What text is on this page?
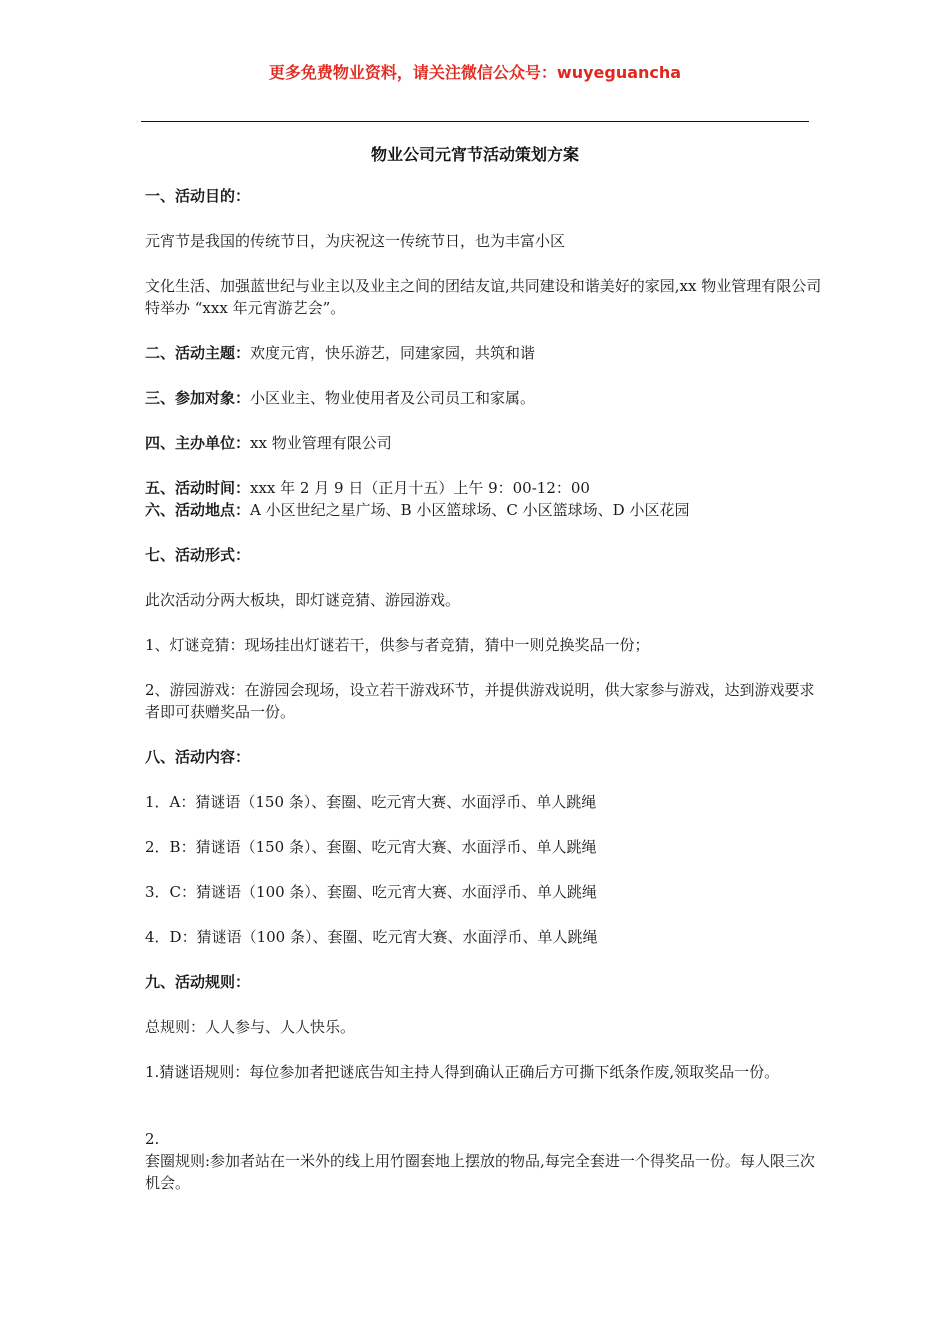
更多免费物业资料，请关注微信公众号：wuyeguancha
物业公司元宵节活动策划方案

一、活动目的：

元宵节是我国的传统节日，为庆祝这一传统节日，也为丰富小区

文化生活、加强蓝世纪与业主以及业主之间的团结友谊,共同建设和谐美好的家园,xx 物业管理有限公司特举办 “xxx 年元宵游艺会”。

二、活动主题：欢度元宵，快乐游艺，同建家园，共筑和谐

三、参加对象：小区业主、物业使用者及公司员工和家属。

四、主办单位：xx 物业管理有限公司

五、活动时间：xxx 年 2 月 9 日（正月十五）上午 9：00-12：00

六、活动地点：A 小区世纪之星广场、B 小区篮球场、C 小区篮球场、D 小区花园

七、活动形式：

此次活动分两大板块，即灯谜竞猜、游园游戏。

1、灯谜竞猜：现场挂出灯谜若干，供参与者竞猜，猜中一则兑换奖品一份；

2、游园游戏：在游园会现场，设立若干游戏环节，并提供游戏说明，供大家参与游戏，达到游戏要求者即可获赠奖品一份。

八、活动内容：

1．A：猜谜语（150 条）、套圈、吃元宵大赛、水面浮币、单人跳绳

2．B：猜谜语（150 条）、套圈、吃元宵大赛、水面浮币、单人跳绳

3．C：猜谜语（100 条）、套圈、吃元宵大赛、水面浮币、单人跳绳

4．D：猜谜语（100 条）、套圈、吃元宵大赛、水面浮币、单人跳绳

九、活动规则：

总规则：人人参与、人人快乐。

1.猜谜语规则：每位参加者把谜底告知主持人得到确认正确后方可撕下纸条作废,领取奖品一份。

2.

套圈规则:参加者站在一米外的线上用竹圈套地上摆放的物品,每完全套进一个得奖品一份。每人限三次机会。
